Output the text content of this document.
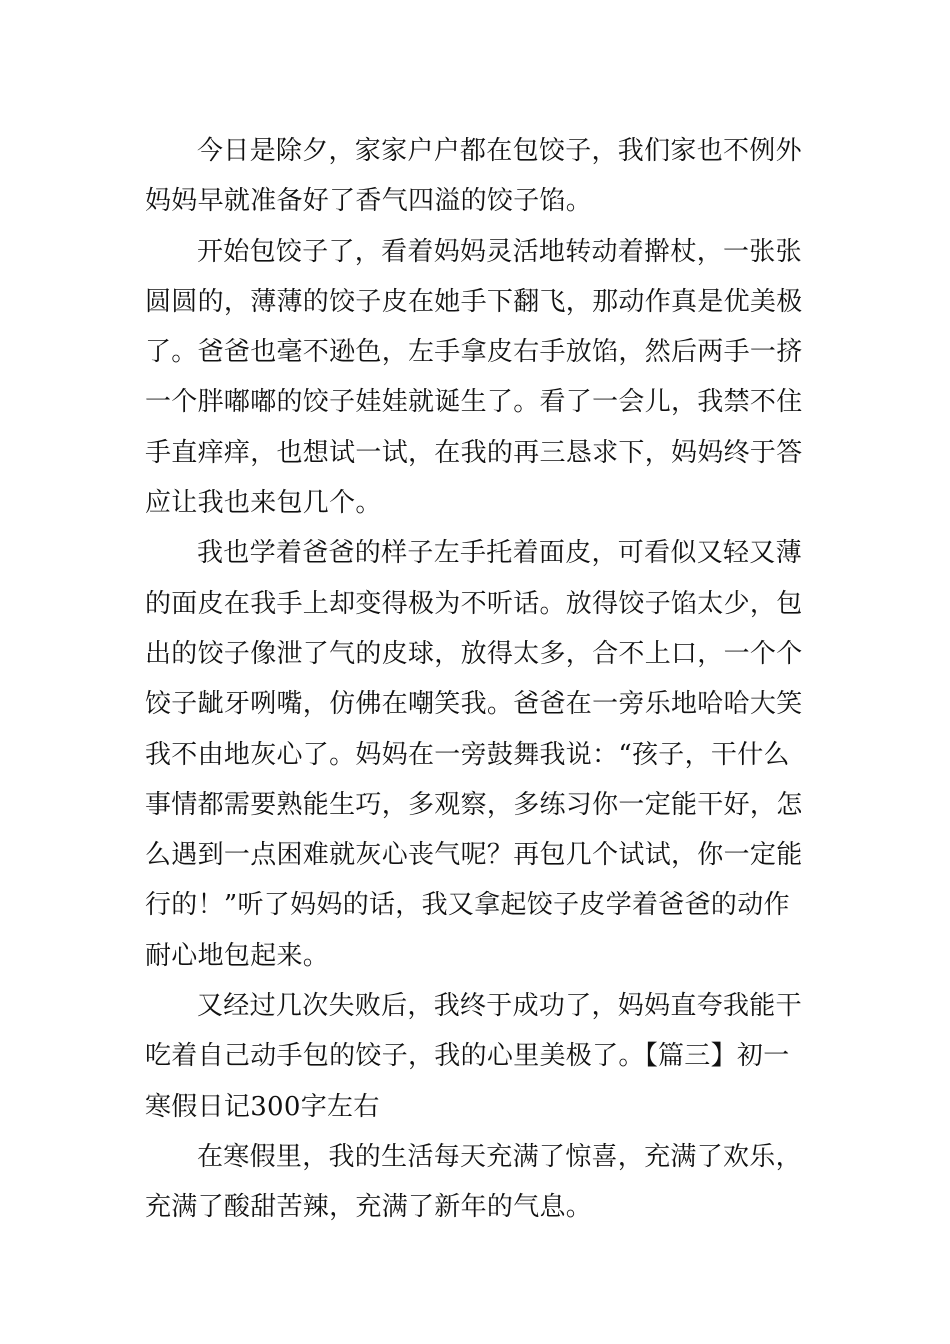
今日是除夕，家家户户都在包饺子，我们家也不例外
妈妈早就准备好了香气四溢的饺子馅。
开始包饺子了，看着妈妈灵活地转动着擀杖，一张张
圆圆的，薄薄的饺子皮在她手下翻飞，那动作真是优美极
了。爸爸也毫不逊色，左手拿皮右手放馅，然后两手一挤
一个胖嘟嘟的饺子娃娃就诞生了。看了一会儿，我禁不住
手直痒痒，也想试一试，在我的再三恳求下，妈妈终于答
应让我也来包几个。
我也学着爸爸的样子左手托着面皮，可看似又轻又薄
的面皮在我手上却变得极为不听话。放得饺子馅太少，包
出的饺子像泄了气的皮球，放得太多，合不上口，一个个
饺子龇牙咧嘴，仿佛在嘲笑我。爸爸在一旁乐地哈哈大笑
我不由地灰心了。妈妈在一旁鼓舞我说：“孩子，干什么
事情都需要熟能生巧，多观察，多练习你一定能干好，怎
么遇到一点困难就灰心丧气呢？再包几个试试，你一定能
行的！”听了妈妈的话，我又拿起饺子皮学着爸爸的动作
耐心地包起来。
又经过几次失败后，我终于成功了，妈妈直夸我能干
吃着自己动手包的饺子，我的心里美极了。【篇三】初一
寒假日记300字左右
在寒假里，我的生活每天充满了惊喜，充满了欢乐，
充满了酸甜苦辣，充满了新年的气息。
